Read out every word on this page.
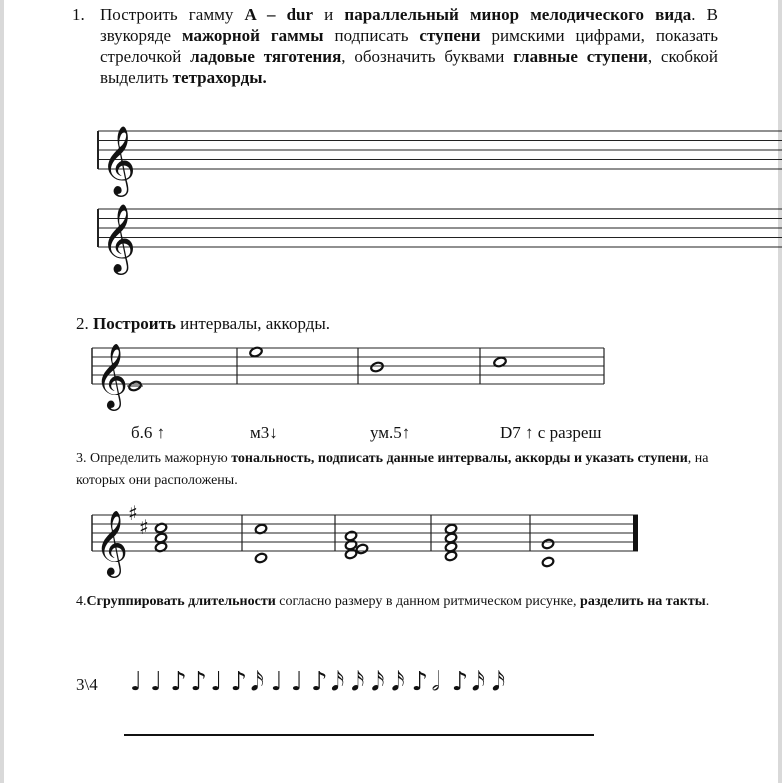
1. Построить гамму A – dur и параллельный минор мелодического вида. В звукоряде мажорной гаммы подписать ступени римскими цифрами, показать стрелочкой ладовые тяготения, обозначить буквами главные ступени, скобкой выделить тетрахорды.
2. Построить интервалы, аккорды.
б.6 ↑	м3↓	ум.5↑	D7 ↑ с разреш
3. Определить мажорную тональность, подписать данные интервалы, аккорды и указать ступени, на которых они расположены.
4.Сгруппировать длительности согласно размеру в данном ритмическом рисунке, разделить на такты.
3\4
𝄞
𝄞
𝄞
𝄞 ♯
♯
♩ ♩ ♪ ♪ ♩ ♪ 𝅘𝅥𝅯 ♩ ♩ ♪ 𝅘𝅥𝅯 𝅘𝅥𝅯 𝅘𝅥𝅯 𝅘𝅥𝅯 ♪ 𝅗𝅥 ♪ 𝅘𝅥𝅯 𝅘𝅥𝅯
